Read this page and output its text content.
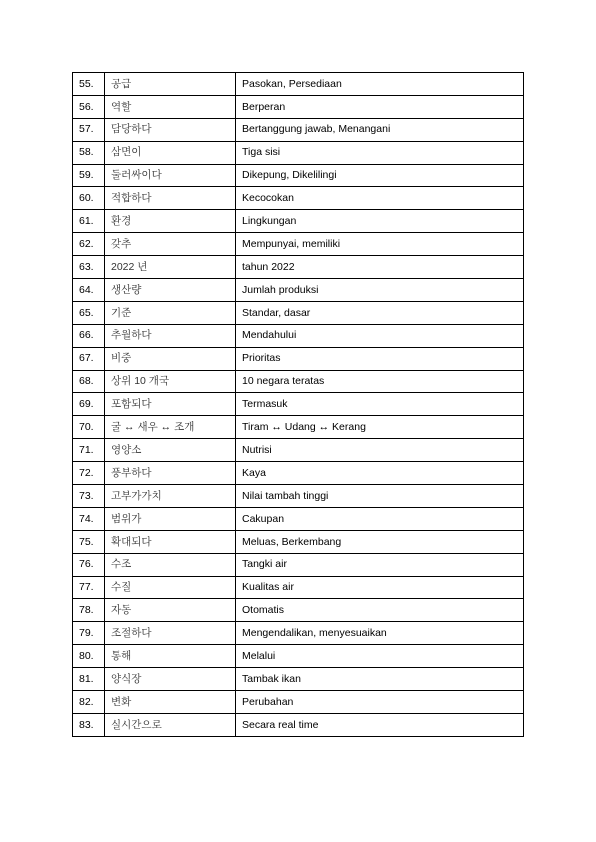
55.	공급	Pasokan, Persediaan
56.	역할	Berperan
57.	담당하다	Bertanggung jawab, Menangani
58.	삼면이	Tiga sisi
59.	둘러싸이다	Dikepung, Dikelilingi
60.	적합하다	Kecocokan
61.	환경	Lingkungan
62.	갖추	Mempunyai, memiliki
63.	2022 년	tahun 2022
64.	생산량	Jumlah produksi
65.	기준	Standar, dasar
66.	추월하다	Mendahului
67.	비중	Prioritas
68.	상위 10 개국	10 negara teratas
69.	포함되다	Termasuk
70.	굴 ↔ 새우 ↔ 조개	Tiram ↔ Udang ↔ Kerang
71.	영양소	Nutrisi
72.	풍부하다	Kaya
73.	고부가가치	Nilai tambah tinggi
74.	범위가	Cakupan
75.	확대되다	Meluas, Berkembang
76.	수조	Tangki air
77.	수질	Kualitas air
78.	자동	Otomatis
79.	조절하다	Mengendalikan, menyesuaikan
80.	통해	Melalui
81.	양식장	Tambak ikan
82.	변화	Perubahan
83.	실시간으로	Secara real time
